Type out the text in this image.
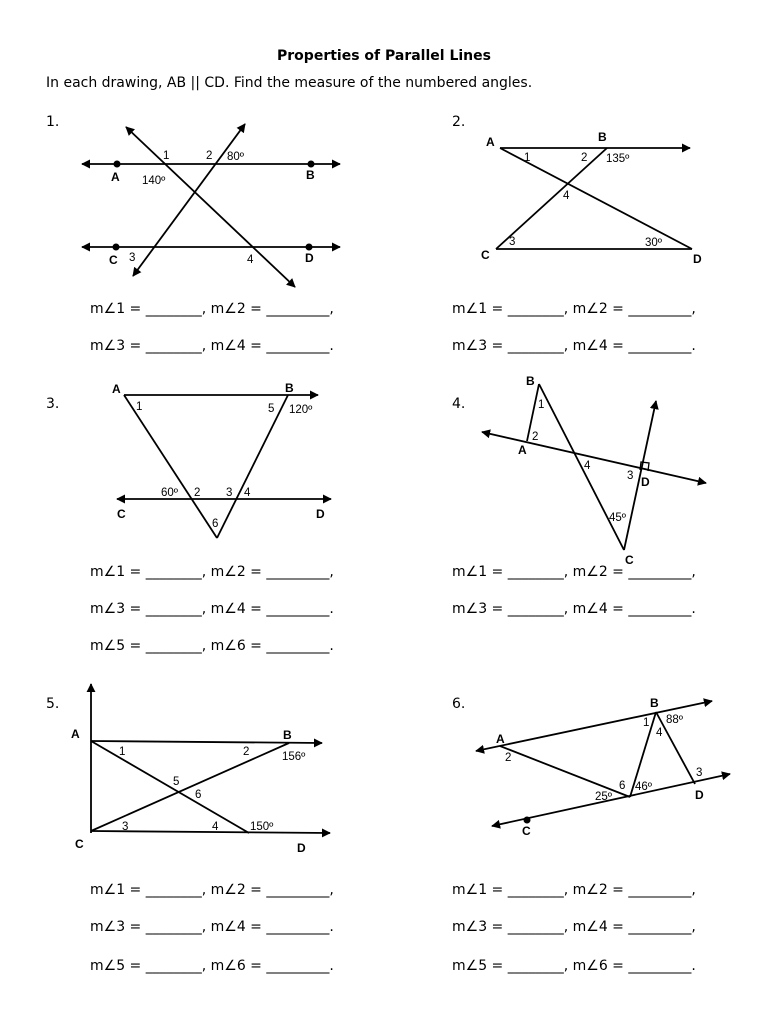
Properties of Parallel Lines
In each drawing, AB || CD. Find the measure of the numbered angles.
1.	2.
3.	4.
5.	6.
m∠1 = ________, m∠2 = _________,
m∠3 = ________, m∠4 = _________.
m∠1 = ________, m∠2 = _________,
m∠3 = ________, m∠4 = _________.
m∠1 = ________, m∠2 = _________,
m∠3 = ________, m∠4 = _________.
m∠5 = ________, m∠6 = _________.
m∠1 = ________, m∠2 = _________,
m∠3 = ________, m∠4 = _________.
m∠1 = ________, m∠2 = _________,
m∠3 = ________, m∠4 = _________.
m∠5 = ________, m∠6 = _________.
m∠1 = ________, m∠2 = _________,
m∠3 = ________, m∠4 = _________,
m∠5 = ________, m∠6 = _________.
A	B
C	D
80º
140º
1	2
3	4
A	B
C	D
135º
30º
1	2
3
4
A	B
C	D
120º
60º
1
2 3 4
5
6
B
A
D
C
45º
1
2
3
4
A	B
C	D
156º
150º
1	2
3	4
5
6
A
B
C
D
88º
46º
25º
1
2
3
4
6
